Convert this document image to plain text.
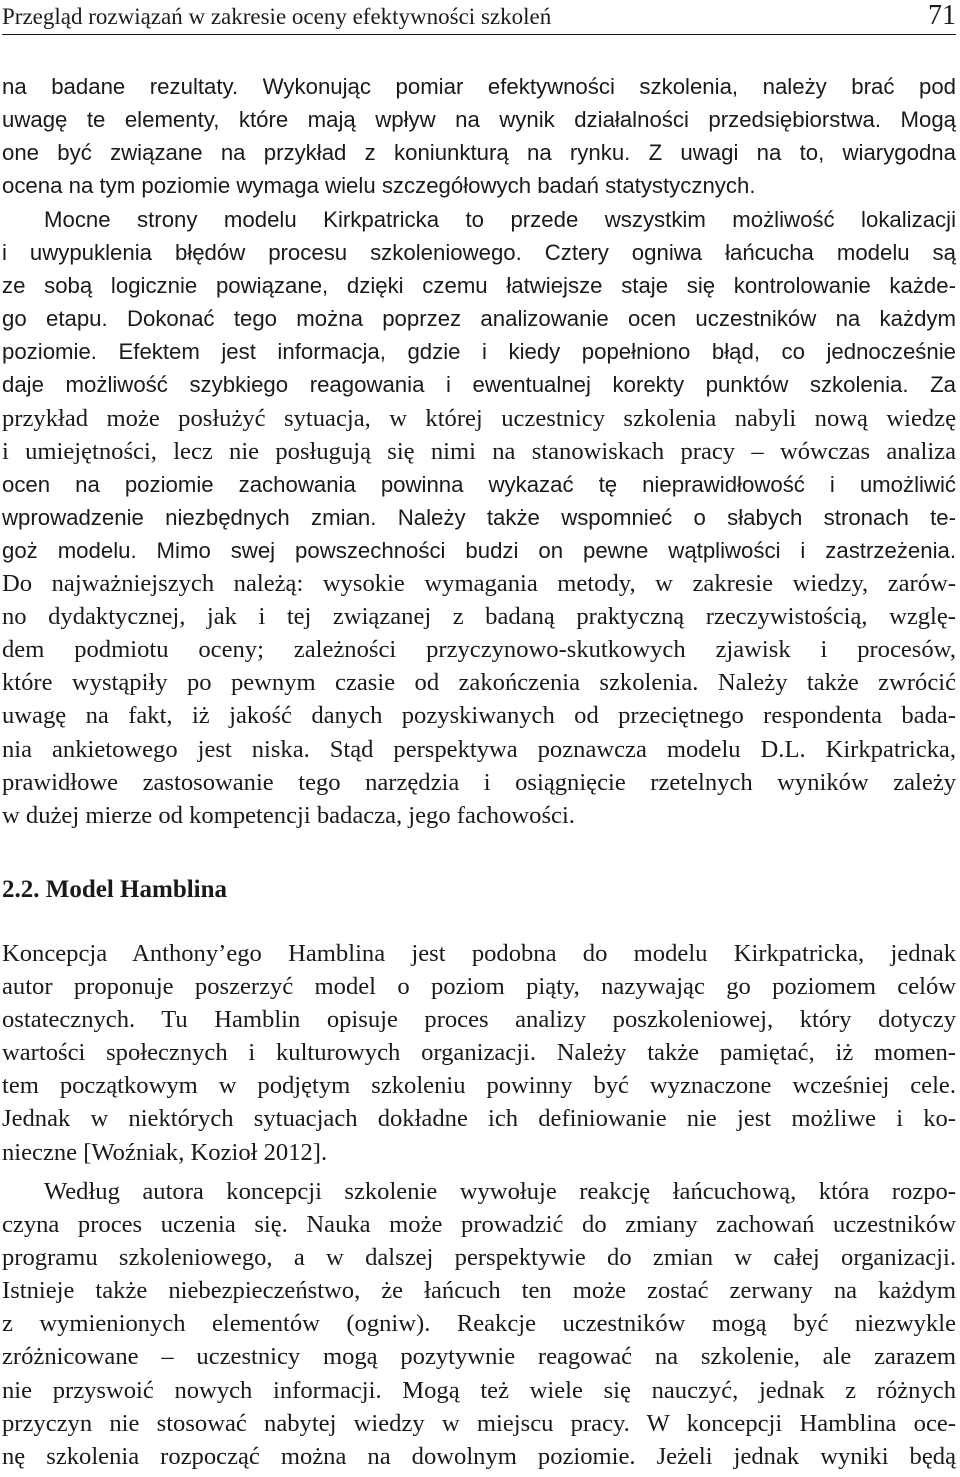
Przegląd rozwiązań w zakresie oceny efektywności szkoleń	71
na badane rezultaty. Wykonując pomiar efektywności szkolenia, należy brać pod
uwagę te elementy, które mają wpływ na wynik działalności przedsiębiorstwa. Mogą
one być związane na przykład z koniunkturą na rynku. Z uwagi na to, wiarygodna
ocena na tym poziomie wymaga wielu szczegółowych badań statystycznych.
Mocne strony modelu Kirkpatricka to przede wszystkim możliwość lokalizacji
i uwypuklenia błędów procesu szkoleniowego. Cztery ogniwa łańcucha modelu są
ze sobą logicznie powiązane, dzięki czemu łatwiejsze staje się kontrolowanie każde-
go etapu. Dokonać tego można poprzez analizowanie ocen uczestników na każdym
poziomie. Efektem jest informacja, gdzie i kiedy popełniono błąd, co jednocześnie
daje możliwość szybkiego reagowania i ewentualnej korekty punktów szkolenia. Za
przykład może posłużyć sytuacja, w której uczestnicy szkolenia nabyli nową wiedzę
i umiejętności, lecz nie posługują się nimi na stanowiskach pracy – wówczas analiza
ocen na poziomie zachowania powinna wykazać tę nieprawidłowość i umożliwić
wprowadzenie niezbędnych zmian. Należy także wspomnieć o słabych stronach te-
goż modelu. Mimo swej powszechności budzi on pewne wątpliwości i zastrzeżenia.
Do najważniejszych należą: wysokie wymagania metody, w zakresie wiedzy, zarów-
no dydaktycznej, jak i tej związanej z badaną praktyczną rzeczywistością, wzglę-
dem podmiotu oceny; zależności przyczynowo-skutkowych zjawisk i procesów,
które wystąpiły po pewnym czasie od zakończenia szkolenia. Należy także zwrócić
uwagę na fakt, iż jakość danych pozyskiwanych od przeciętnego respondenta bada-
nia ankietowego jest niska. Stąd perspektywa poznawcza modelu D.L. Kirkpatricka,
prawidłowe zastosowanie tego narzędzia i osiągnięcie rzetelnych wyników zależy
w dużej mierze od kompetencji badacza, jego fachowości.
2.2. Model Hamblina
Koncepcja Anthony’ego Hamblina jest podobna do modelu Kirkpatricka, jednak
autor proponuje poszerzyć model o poziom piąty, nazywając go poziomem celów
ostatecznych. Tu Hamblin opisuje proces analizy poszkoleniowej, który dotyczy
wartości społecznych i kulturowych organizacji. Należy także pamiętać, iż momen-
tem początkowym w podjętym szkoleniu powinny być wyznaczone wcześniej cele.
Jednak w niektórych sytuacjach dokładne ich definiowanie nie jest możliwe i ko-
nieczne [Woźniak, Kozioł 2012].
Według autora koncepcji szkolenie wywołuje reakcję łańcuchową, która rozpo-
czyna proces uczenia się. Nauka może prowadzić do zmiany zachowań uczestników
programu szkoleniowego, a w dalszej perspektywie do zmian w całej organizacji.
Istnieje także niebezpieczeństwo, że łańcuch ten może zostać zerwany na każdym
z wymienionych elementów (ogniw). Reakcje uczestników mogą być niezwykle
zróżnicowane – uczestnicy mogą pozytywnie reagować na szkolenie, ale zarazem
nie przyswoić nowych informacji. Mogą też wiele się nauczyć, jednak z różnych
przyczyn nie stosować nabytej wiedzy w miejscu pracy. W koncepcji Hamblina oce-
nę szkolenia rozpocząć można na dowolnym poziomie. Jeżeli jednak wyniki będą
